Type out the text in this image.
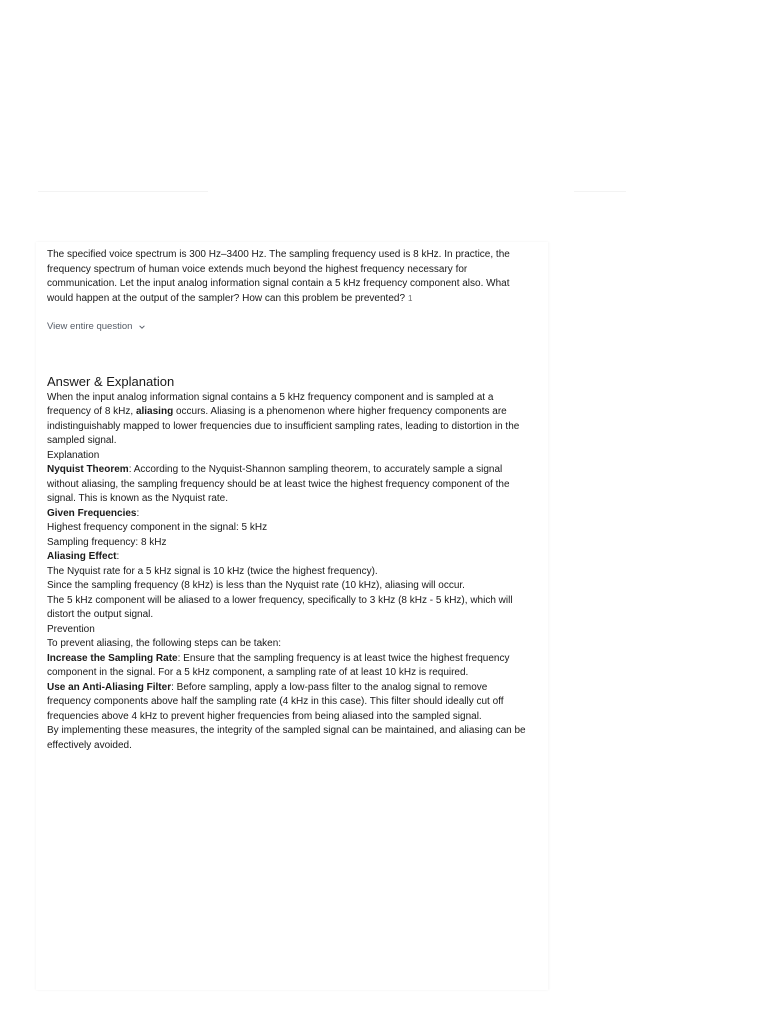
The specified voice spectrum is 300 Hz–3400 Hz. The sampling frequency used is 8 kHz. In practice, the frequency spectrum of human voice extends much beyond the highest frequency necessary for communication. Let the input analog information signal contain a 5 kHz frequency component also. What would happen at the output of the sampler? How can this problem be prevented? 1

View entire question
Answer & Explanation

When the input analog information signal contains a 5 kHz frequency component and is sampled at a frequency of 8 kHz, aliasing occurs. Aliasing is a phenomenon where higher frequency components are indistinguishably mapped to lower frequencies due to insufficient sampling rates, leading to distortion in the sampled signal.

Explanation

Nyquist Theorem: According to the Nyquist-Shannon sampling theorem, to accurately sample a signal without aliasing, the sampling frequency should be at least twice the highest frequency component of the signal. This is known as the Nyquist rate.

Given Frequencies:

Highest frequency component in the signal: 5 kHz

Sampling frequency: 8 kHz

Aliasing Effect:

The Nyquist rate for a 5 kHz signal is 10 kHz (twice the highest frequency).

Since the sampling frequency (8 kHz) is less than the Nyquist rate (10 kHz), aliasing will occur.

The 5 kHz component will be aliased to a lower frequency, specifically to 3 kHz (8 kHz - 5 kHz), which will distort the output signal.

Prevention

To prevent aliasing, the following steps can be taken:

Increase the Sampling Rate: Ensure that the sampling frequency is at least twice the highest frequency component in the signal. For a 5 kHz component, a sampling rate of at least 10 kHz is required.

Use an Anti-Aliasing Filter: Before sampling, apply a low-pass filter to the analog signal to remove frequency components above half the sampling rate (4 kHz in this case). This filter should ideally cut off frequencies above 4 kHz to prevent higher frequencies from being aliased into the sampled signal.

By implementing these measures, the integrity of the sampled signal can be maintained, and aliasing can be effectively avoided.
